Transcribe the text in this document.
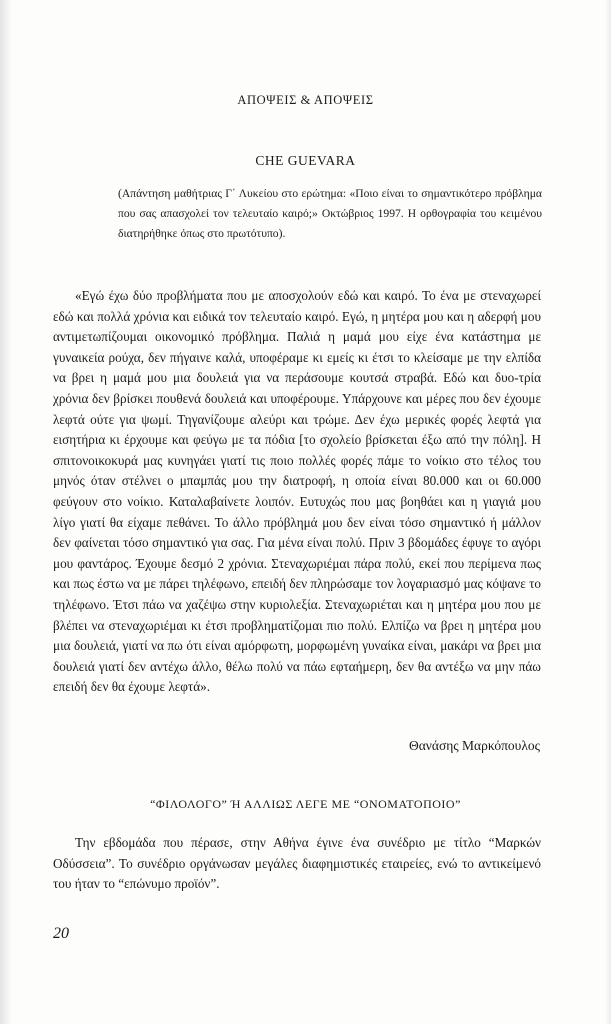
ΑΠΟΨΕΙΣ & ΑΠΟΨΕΙΣ
CHE GUEVARA
(Απάντηση μαθήτριας Γ΄ Λυκείου στο ερώτημα: «Ποιο είναι το σημαντικότερο πρόβλημα που σας απασχολεί τον τελευταίο καιρό;» Οκτώβριος 1997. Η ορθογραφία του κειμένου διατηρήθηκε όπως στο πρωτότυπο).

«Εγώ έχω δύο προβλήματα που με αποσχολούν εδώ και καιρό. Το ένα με στεναχωρεί εδώ και πολλά χρόνια και ειδικά τον τελευταίο καιρό. Εγώ, η μητέρα μου και η αδερφή μου αντιμετωπίζουμαι οικονομικό πρόβλημα. Παλιά η μαμά μου είχε ένα κατάστημα με γυναικεία ρούχα, δεν πήγαινε καλά, υποφέραμε κι εμείς κι έτσι το κλείσαμε με την ελπίδα να βρει η μαμά μου μια δουλειά για να περάσουμε κουτσά στραβά. Εδώ και δυο-τρία χρόνια δεν βρίσκει πουθενά δουλειά και υποφέρουμε. Υπάρχουνε και μέρες που δεν έχουμε λεφτά ούτε για ψωμί. Τηγανίζουμε αλεύρι και τρώμε. Δεν έχω μερικές φορές λεφτά για εισητήρια κι έρχουμε και φεύγω με τα πόδια [το σχολείο βρίσκεται έξω από την πόλη]. Η σπιτονοικοκυρά μας κυνηγάει γιατί τις ποιο πολλές φορές πάμε το νοίκιο στο τέλος του μηνός όταν στέλνει ο μπαμπάς μου την διατροφή, η οποία είναι 80.000 και οι 60.000 φεύγουν στο νοίκιο. Καταλαβαίνετε λοιπόν. Ευτυχώς που μας βοηθάει και η γιαγιά μου λίγο γιατί θα είχαμε πεθάνει. Το άλλο πρόβλημά μου δεν είναι τόσο σημαντικό ή μάλλον δεν φαίνεται τόσο σημαντικό για σας. Για μένα είναι πολύ. Πριν 3 βδομάδες έφυγε το αγόρι μου φαντάρος. Έχουμε δεσμό 2 χρόνια. Στεναχωριέμαι πάρα πολύ, εκεί που περίμενα πως και πως έστω να με πάρει τηλέφωνο, επειδή δεν πληρώσαμε τον λογαριασμό μας κόψανε το τηλέφωνο. Έτσι πάω να χαζέψω στην κυριολεξία. Στεναχωριέται και η μητέρα μου που με βλέπει να στεναχωριέμαι κι έτσι προβληματίζομαι πιο πολύ. Ελπίζω να βρει η μητέρα μου μια δουλειά, γιατί να πω ότι είναι αμόρφωτη, μορφωμένη γυναίκα είναι, μακάρι να βρει μια δουλειά γιατί δεν αντέχω άλλο, θέλω πολύ να πάω εφταήμερη, δεν θα αντέξω να μην πάω επειδή δεν θα έχουμε λεφτά».

Θανάσης Μαρκόπουλος
“ΦΙΛΟΛΟΓΟ” Ή ΑΛΛΙΩΣ ΛΕΓΕ ΜΕ “ΟΝΟΜΑΤΟΠΟΙΟ”

Την εβδομάδα που πέρασε, στην Αθήνα έγινε ένα συνέδριο με τίτλο “Μαρκών Οδύσσεια”. Το συνέδριο οργάνωσαν μεγάλες διαφημιστικές εταιρείες, ενώ το αντικείμενό του ήταν το “επώνυμο προϊόν”.

20
